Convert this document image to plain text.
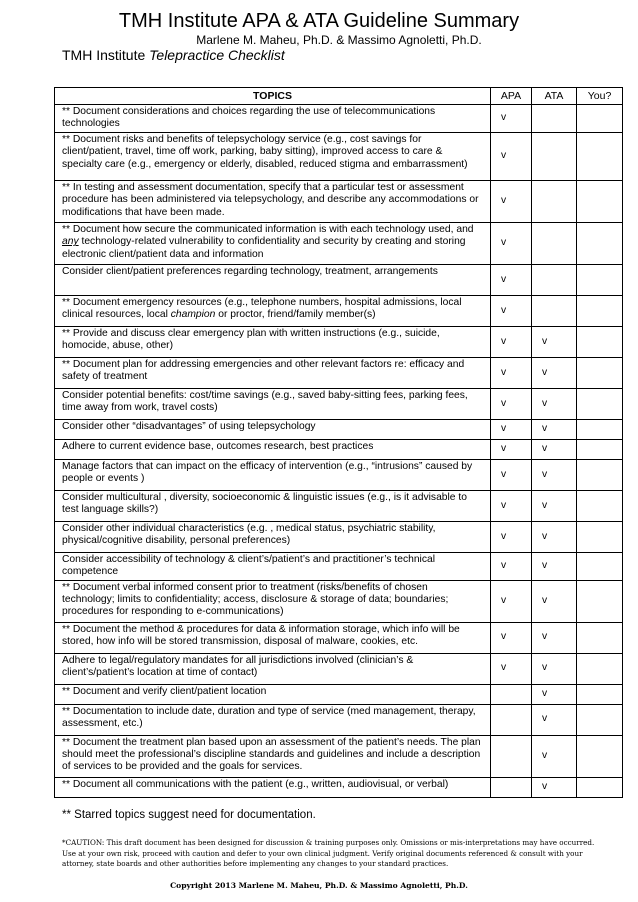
TMH Institute APA & ATA Guideline Summary
Marlene M. Maheu, Ph.D. & Massimo Agnoletti, Ph.D.
TMH Institute Telepractice Checklist
TOPICS	APA	ATA	You?
** Document considerations and choices regarding the use of telecommunications technologies	v		
** Document risks and benefits of telepsychology service (e.g., cost savings for client/patient, travel, time off work, parking, baby sitting), improved access to care & specialty care (e.g., emergency or elderly, disabled, reduced stigma and embarrassment)	v		
** In testing and assessment documentation, specify that a particular test or assessment procedure has been administered via telepsychology, and describe any accommodations or modifications that have been made.	v		
** Document how secure the communicated information is with each technology used, and any technology-related vulnerability to confidentiality and security by creating and storing electronic client/patient data and information	v		
Consider client/patient preferences regarding technology, treatment, arrangements	v		
** Document emergency resources (e.g., telephone numbers, hospital admissions, local clinical resources, local champion or proctor, friend/family member(s)	v		
** Provide and discuss clear emergency plan with written instructions (e.g., suicide, homocide, abuse, other)	v	v	
** Document plan for addressing emergencies and other relevant factors re: efficacy and safety of treatment	v	v	
Consider potential benefits: cost/time savings (e.g., saved baby-sitting fees, parking fees, time away from work, travel costs)	v	v	
Consider other “disadvantages” of using telepsychology	v	v	
Adhere to current evidence base, outcomes research, best practices	v	v	
Manage factors that can impact on the efficacy of intervention (e.g., “intrusions” caused by people or events )	v	v	
Consider multicultural , diversity, socioeconomic & linguistic issues (e.g., is it advisable to test language skills?)	v	v	
Consider other individual characteristics (e.g. , medical status, psychiatric stability, physical/cognitive disability, personal preferences)	v	v	
Consider accessibility of technology & client’s/patient’s and practitioner’s technical competence	v	v	
** Document verbal informed consent prior to treatment (risks/benefits of chosen technology; limits to confidentiality; access, disclosure & storage of data; boundaries; procedures for responding to e-communications)	v	v	
** Document the method & procedures for data & information storage, which info will be stored, how info will be stored transmission, disposal of malware, cookies, etc.	v	v	
Adhere to legal/regulatory mandates for all jurisdictions involved (clinician’s & client’s/patient’s location at time of contact)	v	v	
** Document and verify client/patient location		v	
** Documentation to include date, duration and type of service (med management, therapy, assessment, etc.)		v	
** Document the treatment plan based upon an assessment of the patient’s needs. The plan should meet the professional’s discipline standards and guidelines and include a description of services to be provided and the goals for services.		v	
** Document all communications with the patient (e.g., written, audiovisual, or verbal)		v	
** Starred topics suggest need for documentation.
*CAUTION: This draft document has been designed for discussion & training purposes only. Omissions or mis-interpretations may have occurred. Use at your own risk, proceed with caution and defer to your own clinical judgment. Verify original documents referenced & consult with your attorney, state boards and other authorities before implementing any changes to your standard practices.
Copyright 2013 Marlene M. Maheu, Ph.D. & Massimo Agnoletti, Ph.D.
